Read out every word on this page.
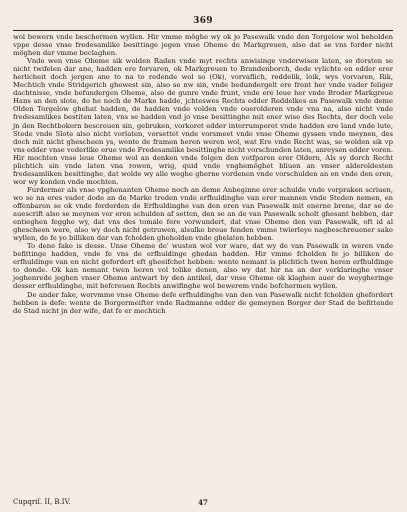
369

wol bewern vnde beschermen wyllen. Hir vmme mӧghe wy ok jo Pasewalk vnde den Torgelow wol beholden vppe desse vnse fredesamlike besittinge jegen vnse Oheme de Markgreuen, also dat se vns forder nicht mӧghen dar vmme beclaghen.

Vnde wen vnse Oheme sik wolden Raden vnde myt rechts anwisinge vnderwisen laten, so dorsten se nicht twifelen dar ane, hadden ere forvaren, ok Markgreuen to Brandenborch, dede vylichte en edder erer herlicheit doch jergen ane to na to redende wol so (Ok), vorvaflich, reddelik, loik, wys vorvaren, Rik, Mechtich vnde Stridgerich ghewest sin, also se nw sin, vnde bedundergelt ere frent her vnde vader feliger dachtnisse, vnde befundergen Oheme, also de gunre vnde frunt, vnde ere leue her vnde Broder Markgreue Hans an den slote, do he noch de Marke hadde, jchteswes Rechts edder Reddelkes an Pasewalk vnde deme Olden Torgelow ghehat hadden, de hadden vnde volden vnde ouerolderen vnde vna na, also nicht vnde fredesamlikes bestiten laten, vns se hadden vnd jo vnse besittinghe mit ener wise des Rechts, der doch vele jn den Rechtbokern bescreuen sin, gebruken, vorkoret edder interrumperet vnde hadden ere land vnde lute, Stede vnde Slote also nicht vorlaten, vorsettet vnde vorsmeet vnde vnse Oheme gyssen vnde meynen, des doch mit nicht ghescheen ys, wente de framen heren weren wol, wat Ere vnde Recht was, se wolden sik vp vns edder vnse vederlike erue vnde Fredesamlike besittinghe nicht vorschunden laten, anreysen edder voren. Hir mochten vnse leue Oheme wol an denken vnde folgen den votfparen erer Oldern, Als sy dorch Recht plichtich sin vnde laten vna rowen, wrig, quid vnde vnghemӧghet bliuen an vnser alderoldesten fredesamliken besittinghe, dat wolde wy alle weghe gherne vordenen vnde vorschulden an en vnde den eren, wor wy konden vnde mochten.

Furdermer als vnse vpghenanten Oheme noch an deme Anbeginne erer schulde vnde vorpraken scriuen, wo se na eres vader dode an de Marke treden vnde erfhuldinghe van erer mannen vnde Steden nemen, en offenbaren se ok vnde forderden de Erfhuldinghe van den eren van Pasewalk mit enerne brene, dar se de auescrift also se meynen vor eren schulden af setten, den se an de van Pasewalk scholt ghesant hebben, dar entieghen fegghe wy, dat vns des tomale fere vorwundert, dat vnse Oheme den van Pasewalk, oft id al ghescheen were, also wy doch nicht getruwen, alsulke breue fenden vmme twierleye nagbeschreuener sake wyllen, de fe yo billiken dar van fcholden gheholden vnde ghelaten hebben.

To dene fake is desse. Unse Oheme de' wusten wol vor ware, dat wy de van Pasewalk in weren vnde befittinge hadden, vnde fe vns de erfhuldinge ghedan hadden. Hir vmme fcholden fe jo billiken de erfhuldinge van en nicht gefordert eft gheeifchet hebben: wente nemant is plichtich twen heren erfhuldinge to donde. Ok kan nemant twen heren vol tolike denen, also wy dat hir na an der vorklaringhe vnser jeghenrede jeghen vnser Oheme antwart by den antikel, dar vnse Oheme ok klaghen auer de weygheringe desser erfhuldinghe, mit befcreuen Rechts anwifinghe wol bewerem vnde befchermen wyllen.

De ander fake, worvmme vnse Oheme defe erfhuldinghe van den van Pasewalk nicht fcholden ghefordert hebben is defe: wente de Borgermeifter vnde Radmanne edder de gemeynen Borger der Stad de befittende de Stad nicht jn der wife, dat fe er mechtich

Cupqriſ. II, B.IV.	47
